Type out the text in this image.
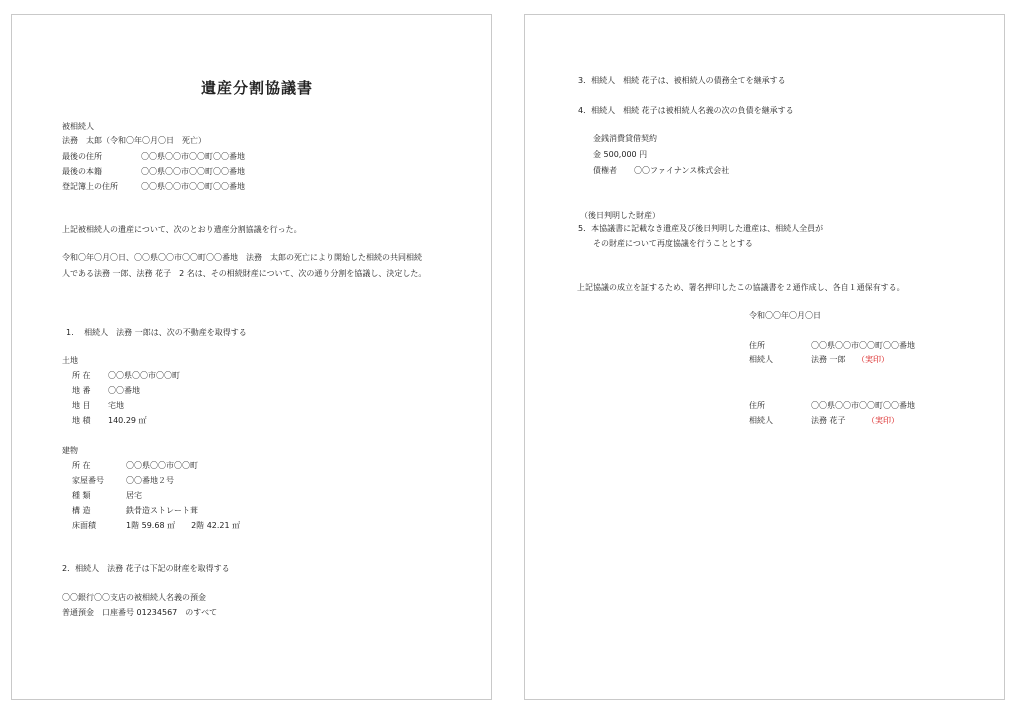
遺産分割協議書
被相続人
法務　太郎（令和〇年〇月〇日　死亡）
最後の住所	〇〇県〇〇市〇〇町〇〇番地
最後の本籍	〇〇県〇〇市〇〇町〇〇番地
登記簿上の住所	〇〇県〇〇市〇〇町〇〇番地
上記被相続人の遺産について、次のとおり遺産分割協議を行った。
令和〇年〇月〇日、〇〇県〇〇市〇〇町〇〇番地　法務　太郎の死亡により開始した相続の共同相続
人である法務 一郎、法務 花子　2 名は、その相続財産について、次の通り分割を協議し、決定した。
1.　 相続人　法務 一郎は、次の不動産を取得する
土地
所 在 〇〇県〇〇市〇〇町
地 番 〇〇番地
地 目 宅地
地 積 140.29 ㎡
建物
所 在	〇〇県〇〇市〇〇町
家屋番号	〇〇番地２号
種 類	居宅
構 造	鉄骨造ストレート葺
床面積	1階 59.68 ㎡　　2階 42.21 ㎡
2．相続人　法務 花子は下記の財産を取得する
〇〇銀行〇〇支店の被相続人名義の預金
普通預金　口座番号 01234567　のすべて
3．相続人　相続 花子は、被相続人の債務全てを継承する
4．相続人　相続 花子は被相続人名義の次の負債を継承する
金銭消費貸借契約
金 500,000 円
債権者 〇〇ファイナンス株式会社
（後日判明した財産）
5．本協議書に記載なき遺産及び後日判明した遺産は、相続人全員が
その財産について再度協議を行うこととする
上記協議の成立を証するため、署名押印したこの協議書を２通作成し、各自１通保有する。
令和〇〇年〇月〇日
住所	〇〇県〇〇市〇〇町〇〇番地
相続人	法務 一郎 （実印）
住所	〇〇県〇〇市〇〇町〇〇番地
相続人	法務 花子	（実印）
